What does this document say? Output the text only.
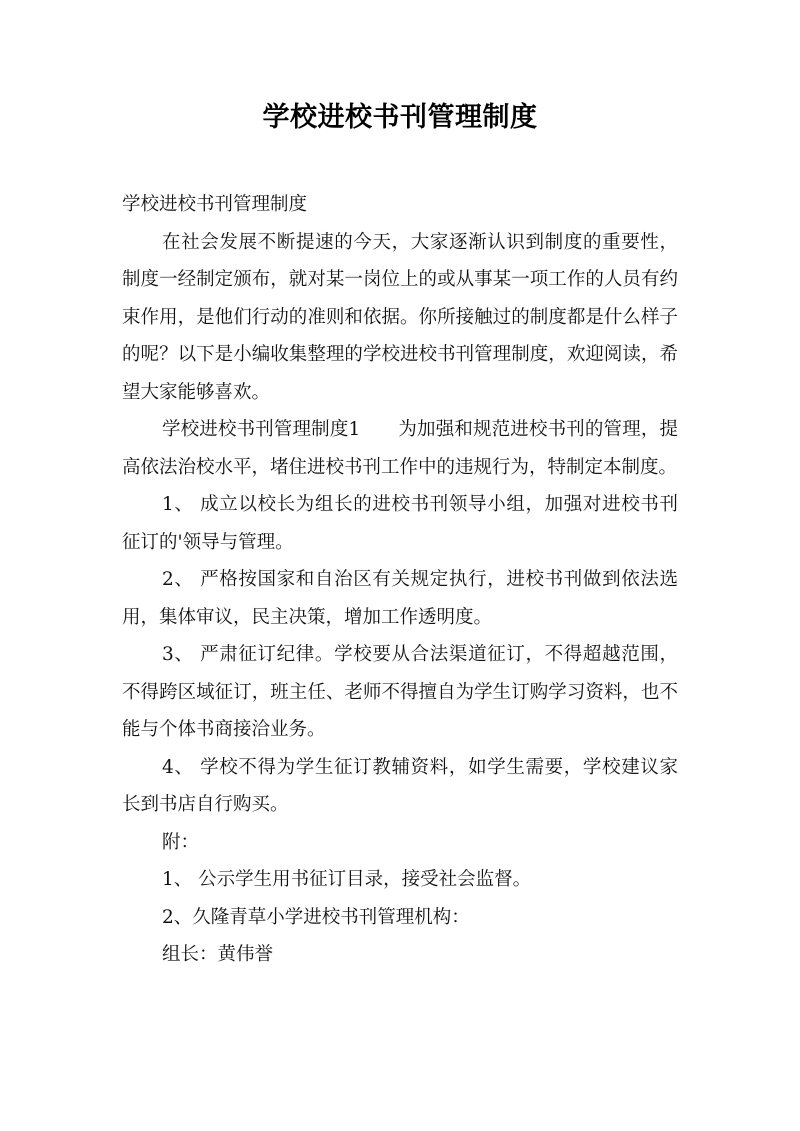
学校进校书刊管理制度

学校进校书刊管理制度

在社会发展不断提速的今天，大家逐渐认识到制度的重要性，制度一经制定颁布，就对某一岗位上的或从事某一项工作的人员有约束作用，是他们行动的准则和依据。你所接触过的制度都是什么样子的呢？以下是小编收集整理的学校进校书刊管理制度，欢迎阅读，希望大家能够喜欢。

学校进校书刊管理制度1 为加强和规范进校书刊的管理，提高依法治校水平，堵住进校书刊工作中的违规行为，特制定本制度。

1、 成立以校长为组长的进校书刊领导小组，加强对进校书刊征订的'领导与管理。

2、 严格按国家和自治区有关规定执行，进校书刊做到依法选用，集体审议，民主决策，增加工作透明度。

3、 严肃征订纪律。学校要从合法渠道征订，不得超越范围，不得跨区域征订，班主任、老师不得擅自为学生订购学习资料，也不能与个体书商接洽业务。

4、 学校不得为学生征订教辅资料，如学生需要，学校建议家长到书店自行购买。

附：

1、 公示学生用书征订目录，接受社会监督。

2、久隆青草小学进校书刊管理机构：

组长：黄伟誉
